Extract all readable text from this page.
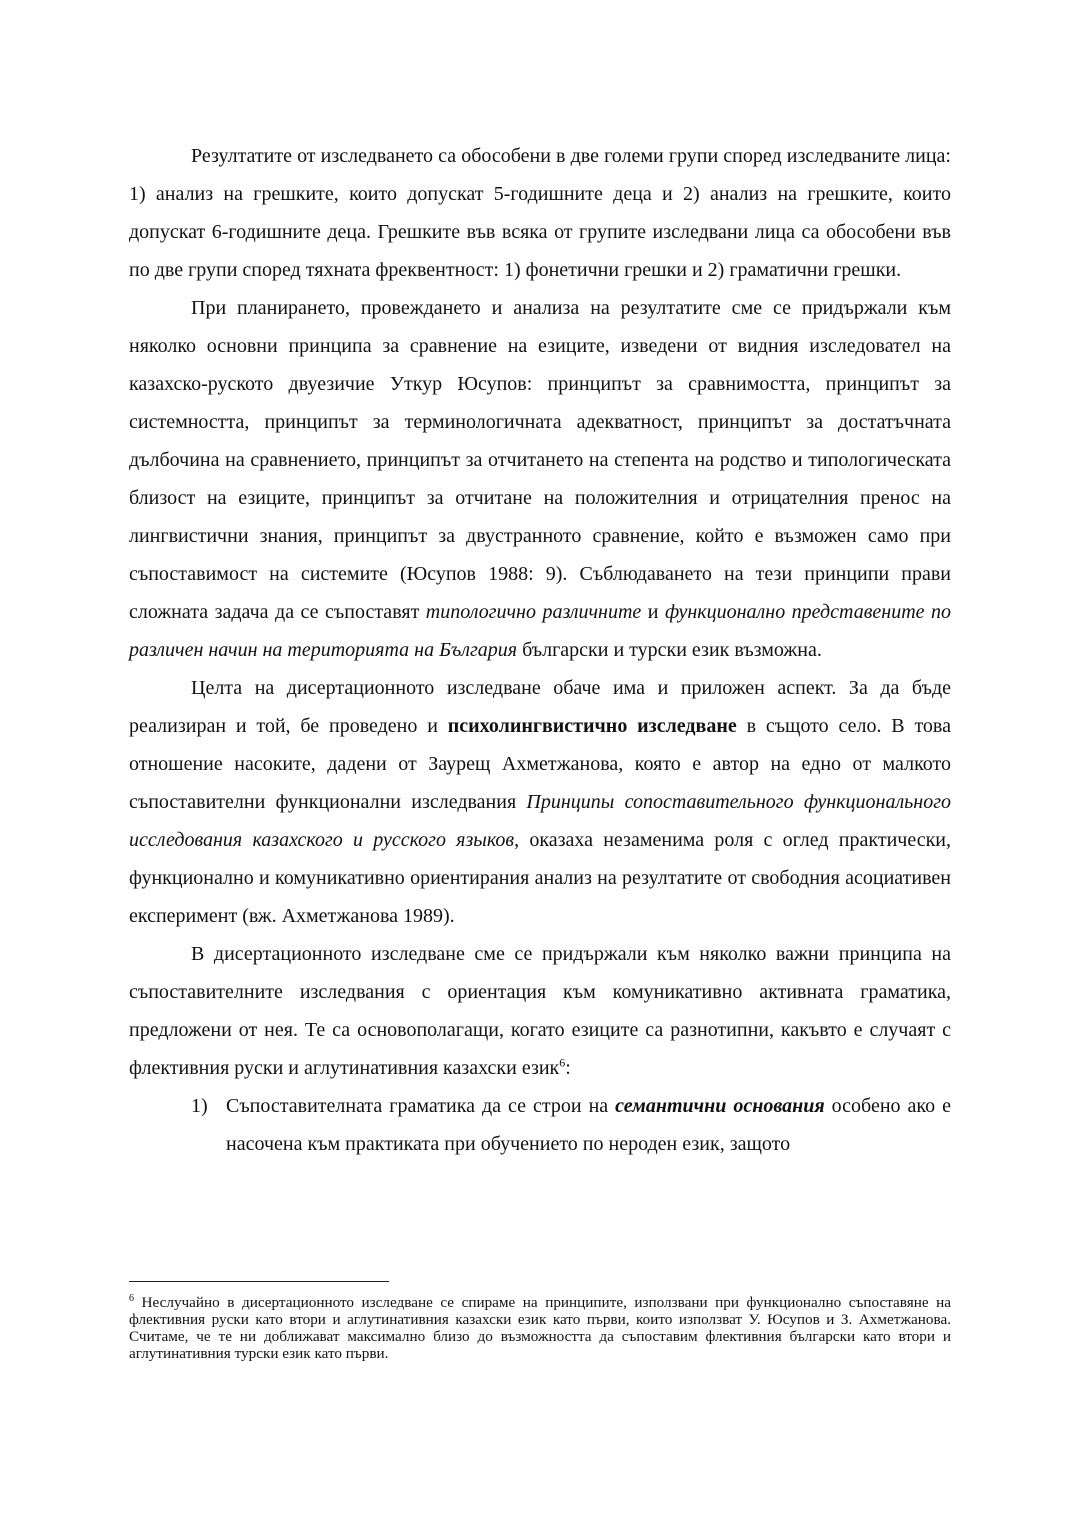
Резултатите от изследването са обособени в две големи групи според изследваните лица: 1) анализ на грешките, които допускат 5-годишните деца и 2) анализ на грешките, които допускат 6-годишните деца. Грешките във всяка от групите изследвани лица са обособени във по две групи според тяхната фреквентност: 1) фонетични грешки и 2) граматични грешки.

При планирането, провеждането и анализа на резултатите сме се придържали към няколко основни принципа за сравнение на езиците, изведени от видния изследовател на казахско-руското двуезичие Уткур Юсупов: принципът за сравнимостта, принципът за системността, принципът за терминологичната адекватност, принципът за достатъчната дълбочина на сравнението, принципът за отчитането на степента на родство и типологическата близост на езиците, принципът за отчитане на положителния и отрицателния пренос на лингвистични знания, принципът за двустранното сравнение, който е възможен само при съпоставимост на системите (Юсупов 1988: 9). Съблюдаването на тези принципи прави сложната задача да се съпоставят типологично различните и функционално представените по различен начин на територията на България български и турски език възможна.

Целта на дисертационното изследване обаче има и приложен аспект. За да бъде реализиран и той, бе проведено и психолингвистично изследване в същото село. В това отношение насоките, дадени от Заурещ Ахметжанова, която е автор на едно от малкото съпоставителни функционални изследвания Принципы сопоставительного функционального исследования казахского и русского языков, оказаха незаменима роля с оглед практически, функционално и комуникативно ориентирания анализ на резултатите от свободния асоциативен експеримент (вж. Ахметжанова 1989).

В дисертационното изследване сме се придържали към няколко важни принципа на съпоставителните изследвания с ориентация към комуникативно активната граматика, предложени от нея. Те са основополагащи, когато езиците са разнотипни, какъвто е случаят с флективния руски и аглутинативния казахски език$^6$:

1) Съпоставителната граматика да се строи на семантични основания особено ако е насочена към практиката при обучението по нероден език, защото

$^6$ Неслучайно в дисертационното изследване се спираме на принципите, използвани при функционално съпоставяне на флективния руски като втори и аглутинативния казахски език като първи, които използват У. Юсупов и З. Ахметжанова. Считаме, че те ни доближават максимално близо до възможността да съпоставим флективния български като втори и аглутинативния турски език като първи.
